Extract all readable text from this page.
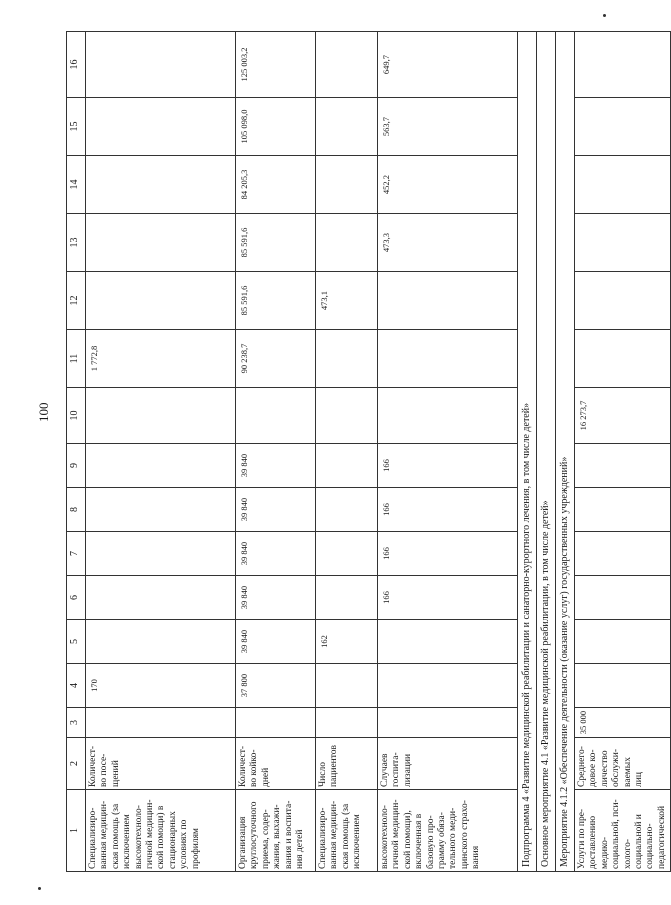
100
1	2	3	4	5	6	7	8	9	10	11	12	13	14	15	16
Специализиро-ванная медицин-ская помощь (за исключением высокотехноло-гичной медицин-ской помощи) в стационарных условиях по профилям	Количест-во посе-щений		170							1 772,8					
Организация круглосуточного приема, содер-жания, выхажи-вания и воспита-ния детей	Количест-во койко-дней		37 800	39 840	39 840	39 840	39 840	39 840		90 238,7	85 591,6	85 591,6	84 205,3	105 098,0	125 003,2
Специализиро-ванная медицин-ская помощь (за исключением	Число пациентов			162							473,1				
высокотехноло-гичной медицин-ской помощи), включенная в базовую про-грамму обяза-тельного меди-цинского страхо-вания	Случаев госпита-лизации				166	166	166	166				473,3	452,2	563,7	649,7
Подпрограмма 4 «Развитие медицинской реабилитации и санаторно-курортного лечения, в том числе детей»															
Основное мероприятие 4.1 «Развитие медицинской реабилитации, в том числе детей»															
Мероприятие 4.1.2 «Обеспечение деятельности (оказание услуг) государственных учреждений»															
Услуги по пре-доставлению медико-социальной, пси-холого-социальной и социально-педагогической	Среднего-довое ко-личество обслужи-ваемых лиц	35 000							16 273,7						
